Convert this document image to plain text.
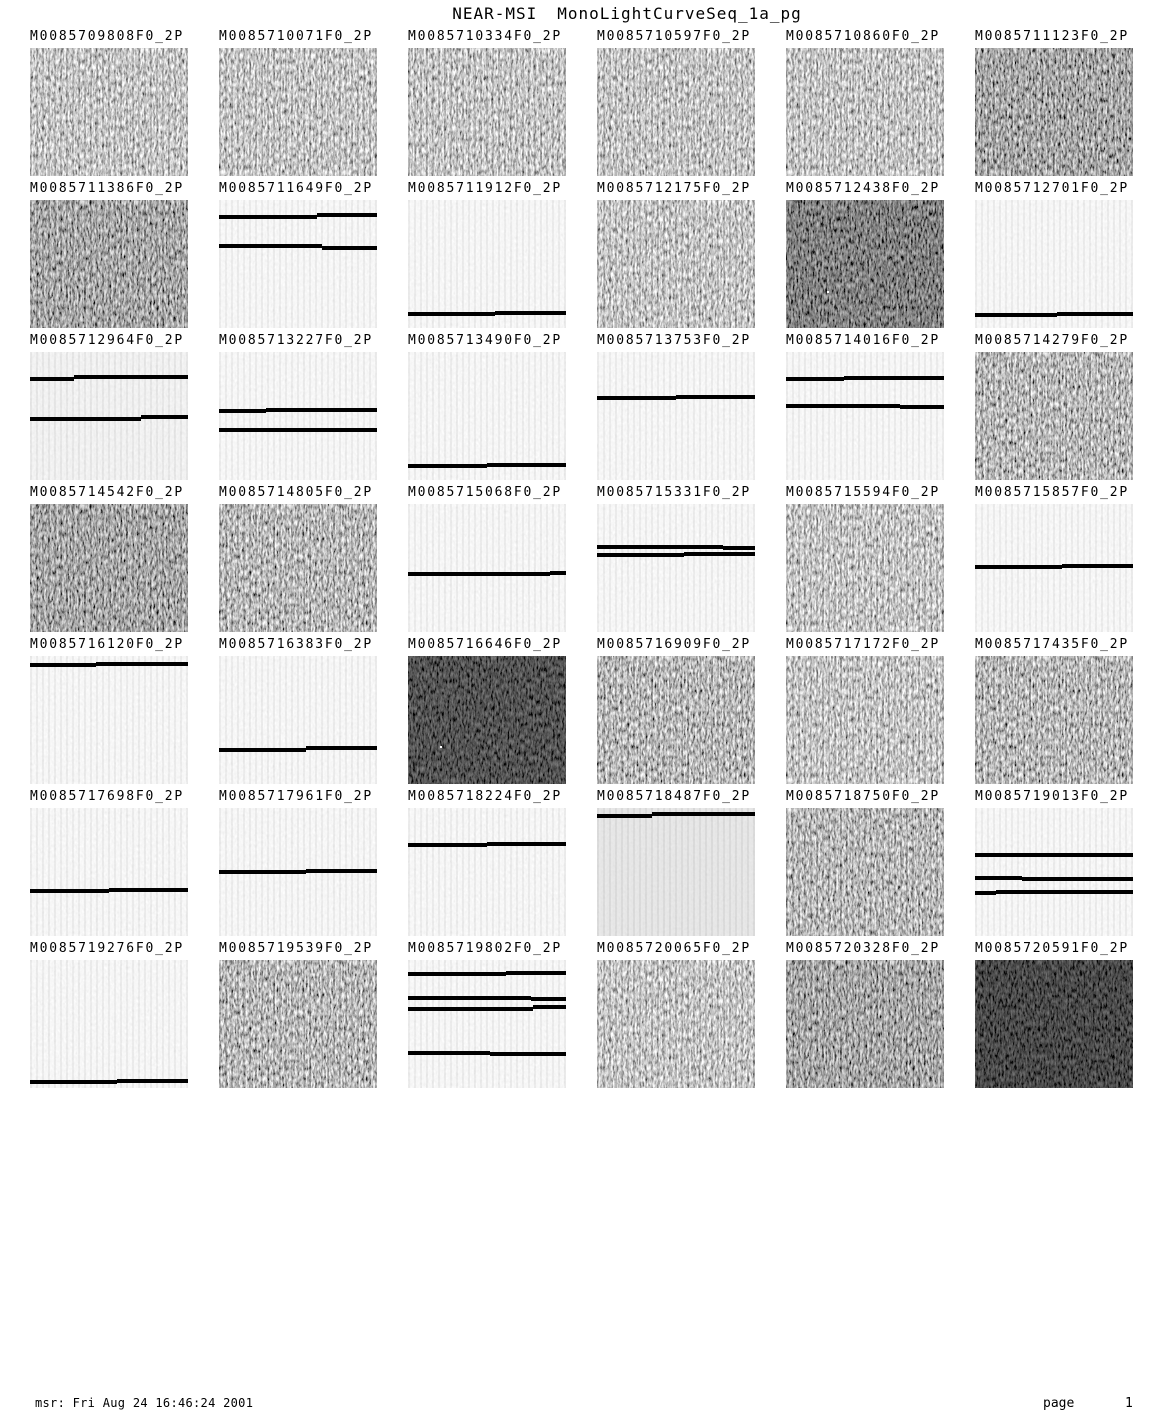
NEAR-MSI MonoLightCurveSeq_1a_pg
M0085709808F0_2P	M0085710071F0_2P	M0085710334F0_2P	M0085710597F0_2P	M0085710860F0_2P	M0085711123F0_2P
M0085711386F0_2P	M0085711649F0_2P	M0085711912F0_2P	M0085712175F0_2P	M0085712438F0_2P	M0085712701F0_2P
M0085712964F0_2P	M0085713227F0_2P	M0085713490F0_2P	M0085713753F0_2P	M0085714016F0_2P	M0085714279F0_2P
M0085714542F0_2P	M0085714805F0_2P	M0085715068F0_2P	M0085715331F0_2P	M0085715594F0_2P	M0085715857F0_2P
M0085716120F0_2P	M0085716383F0_2P	M0085716646F0_2P	M0085716909F0_2P	M0085717172F0_2P	M0085717435F0_2P
M0085717698F0_2P	M0085717961F0_2P	M0085718224F0_2P	M0085718487F0_2P	M0085718750F0_2P	M0085719013F0_2P
M0085719276F0_2P	M0085719539F0_2P	M0085719802F0_2P	M0085720065F0_2P	M0085720328F0_2P	M0085720591F0_2P
msr: Fri Aug 24 16:46:24 2001	page	1
